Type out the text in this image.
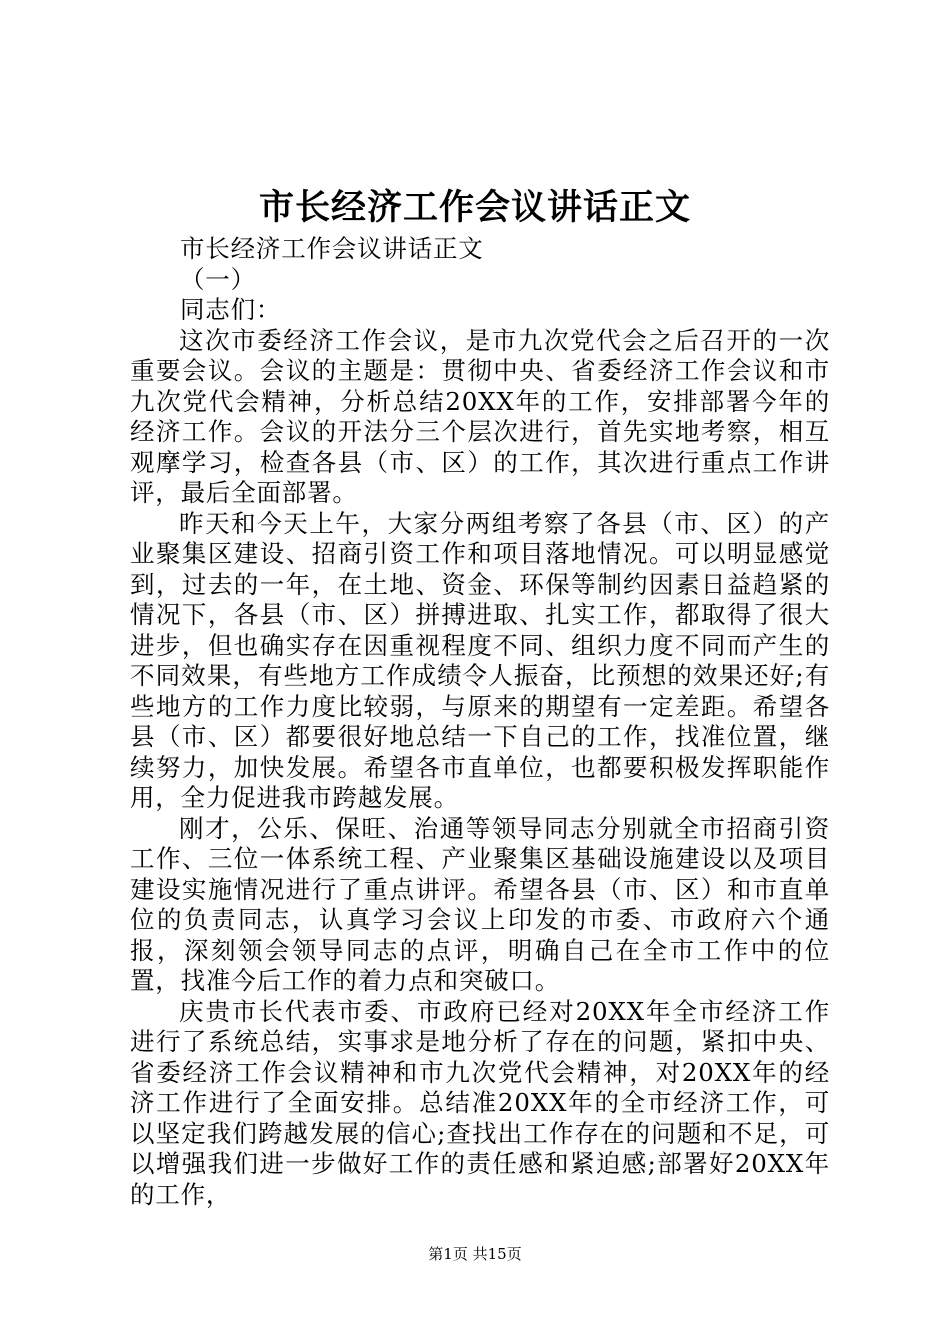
市长经济工作会议讲话正文

市长经济工作会议讲话正文

（一）

同志们：

这次市委经济工作会议，是市九次党代会之后召开的一次重要会议。会议的主题是：贯彻中央、省委经济工作会议和市九次党代会精神，分析总结20XX年的工作，安排部署今年的经济工作。会议的开法分三个层次进行，首先实地考察，相互观摩学习，检查各县（市、区）的工作，其次进行重点工作讲评，最后全面部署。

昨天和今天上午，大家分两组考察了各县（市、区）的产业聚集区建设、招商引资工作和项目落地情况。可以明显感觉到，过去的一年，在土地、资金、环保等制约因素日益趋紧的情况下，各县（市、区）拼搏进取、扎实工作，都取得了很大进步，但也确实存在因重视程度不同、组织力度不同而产生的不同效果，有些地方工作成绩令人振奋，比预想的效果还好;有些地方的工作力度比较弱，与原来的期望有一定差距。希望各县（市、区）都要很好地总结一下自己的工作，找准位置，继续努力，加快发展。希望各市直单位，也都要积极发挥职能作用，全力促进我市跨越发展。

刚才，公乐、保旺、治通等领导同志分别就全市招商引资工作、三位一体系统工程、产业聚集区基础设施建设以及项目建设实施情况进行了重点讲评。希望各县（市、区）和市直单位的负责同志，认真学习会议上印发的市委、市政府六个通报，深刻领会领导同志的点评，明确自己在全市工作中的位置，找准今后工作的着力点和突破口。

庆贵市长代表市委、市政府已经对20XX年全市经济工作进行了系统总结，实事求是地分析了存在的问题，紧扣中央、省委经济工作会议精神和市九次党代会精神，对20XX年的经济工作进行了全面安排。总结准20XX年的全市经济工作，可以坚定我们跨越发展的信心;查找出工作存在的问题和不足，可以增强我们进一步做好工作的责任感和紧迫感;部署好20XX年的工作，

第1页 共15页
